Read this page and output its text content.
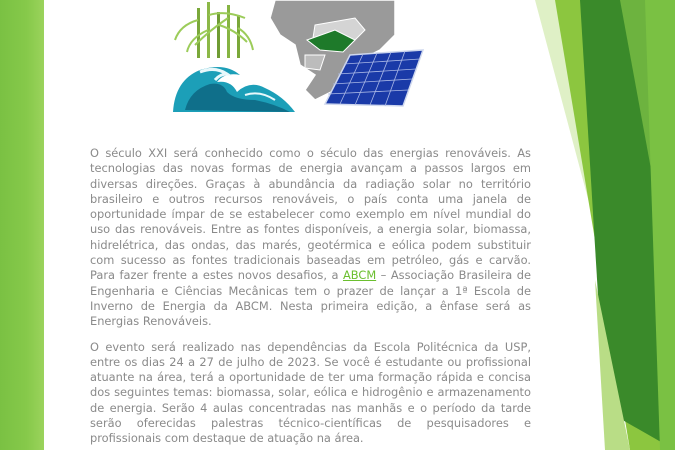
O século XXI será conhecido como o século das energias renováveis. As tecnologias das novas formas de energia avançam a passos largos em diversas direções. Graças à abundância da radiação solar no território brasileiro e outros recursos renováveis, o país conta uma janela de oportunidade ímpar de se estabelecer como exemplo em nível mundial do uso das renováveis. Entre as fontes disponíveis, a energia solar, biomassa, hidrelétrica, das ondas, das marés, geotérmica e eólica podem substituir com sucesso as fontes tradicionais baseadas em petróleo, gás e carvão. Para fazer frente a estes novos desafios, a ABCM – Associação Brasileira de Engenharia e Ciências Mecânicas tem o prazer de lançar a 1ª Escola de Inverno de Energia da ABCM. Nesta primeira edição, a ênfase será as Energias Renováveis.

O evento será realizado nas dependências da Escola Politécnica da USP, entre os dias 24 a 27 de julho de 2023. Se você é estudante ou profissional atuante na área, terá a oportunidade de ter uma formação rápida e concisa dos seguintes temas: biomassa, solar, eólica e hidrogênio e armazenamento de energia. Serão 4 aulas concentradas nas manhãs e o período da tarde serão oferecidas palestras técnico-científicas de pesquisadores e profissionais com destaque de atuação na área.
